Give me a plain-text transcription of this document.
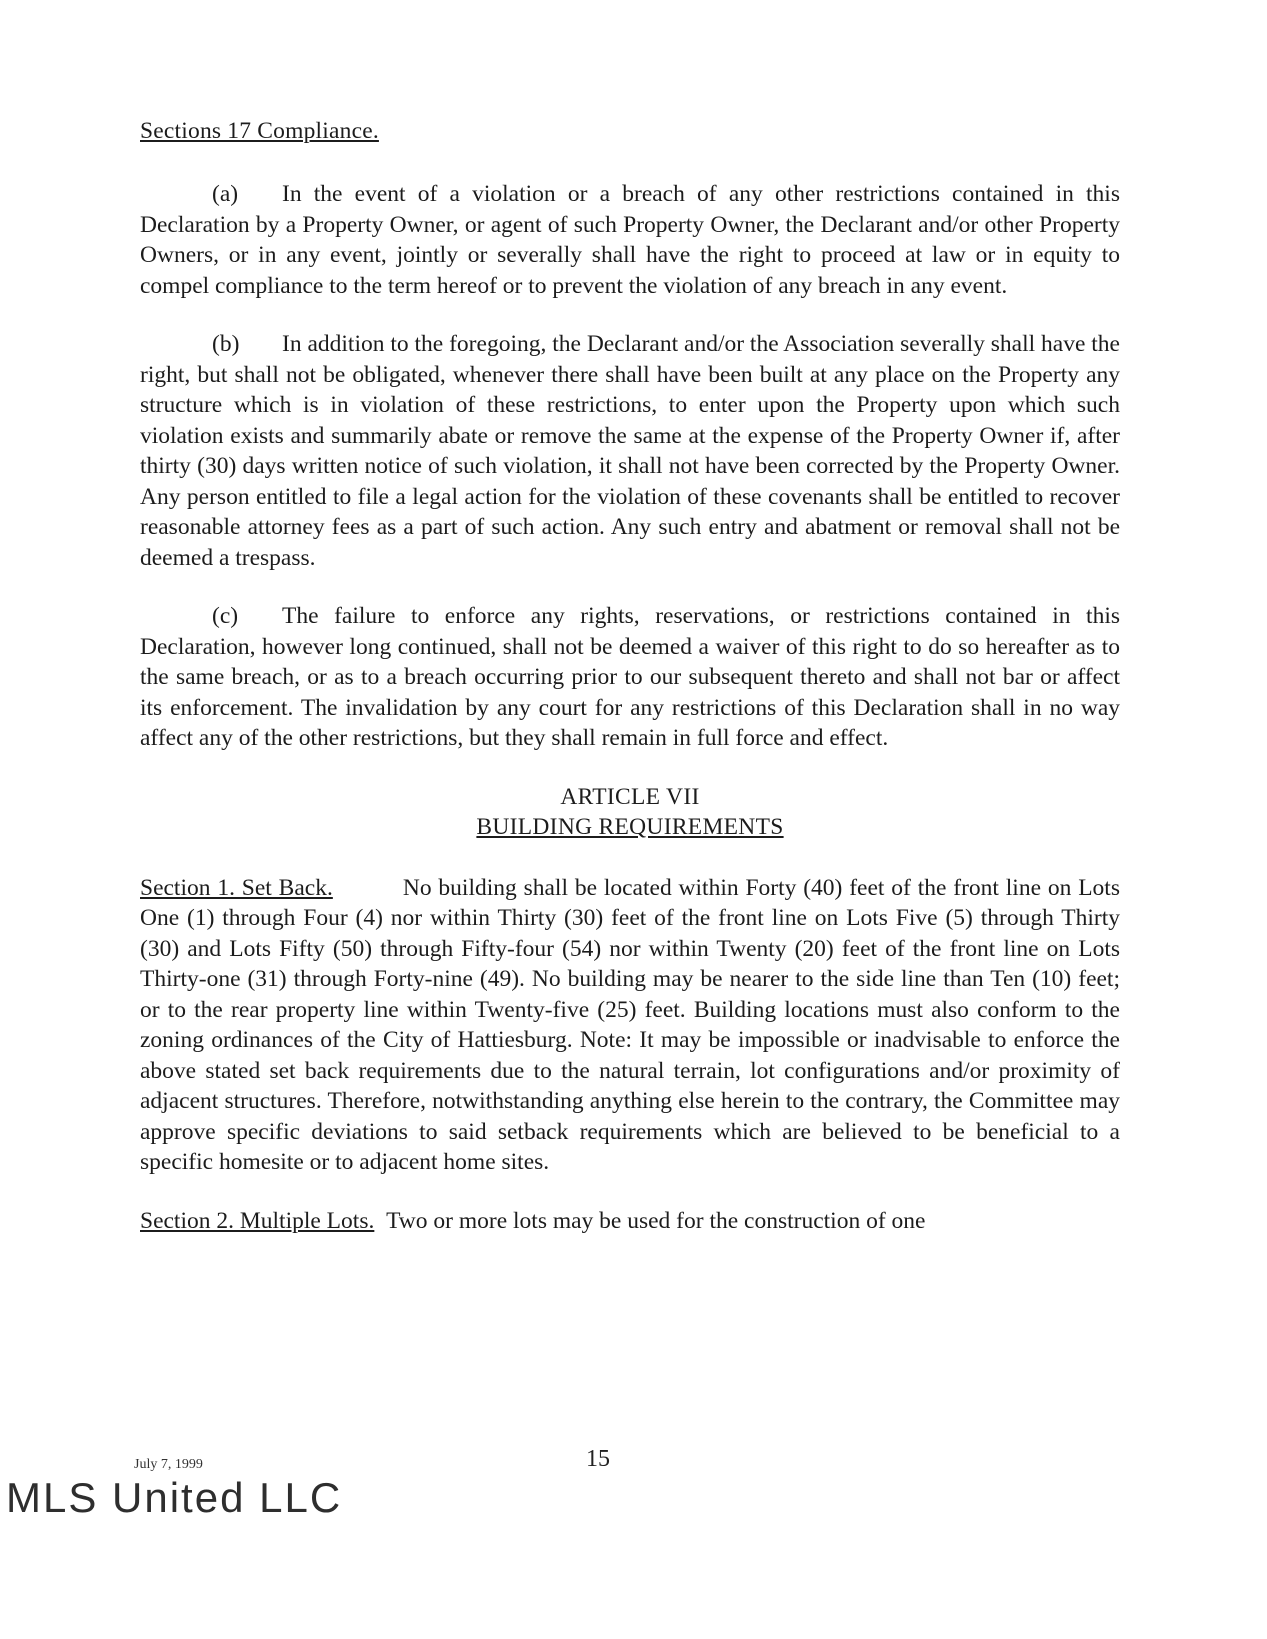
Sections 17 Compliance.

(a) In the event of a violation or a breach of any other restrictions contained in this Declaration by a Property Owner, or agent of such Property Owner, the Declarant and/or other Property Owners, or in any event, jointly or severally shall have the right to proceed at law or in equity to compel compliance to the term hereof or to prevent the violation of any breach in any event.

(b) In addition to the foregoing, the Declarant and/or the Association severally shall have the right, but shall not be obligated, whenever there shall have been built at any place on the Property any structure which is in violation of these restrictions, to enter upon the Property upon which such violation exists and summarily abate or remove the same at the expense of the Property Owner if, after thirty (30) days written notice of such violation, it shall not have been corrected by the Property Owner. Any person entitled to file a legal action for the violation of these covenants shall be entitled to recover reasonable attorney fees as a part of such action. Any such entry and abatment or removal shall not be deemed a trespass.

(c) The failure to enforce any rights, reservations, or restrictions contained in this Declaration, however long continued, shall not be deemed a waiver of this right to do so hereafter as to the same breach, or as to a breach occurring prior to our subsequent thereto and shall not bar or affect its enforcement. The invalidation by any court for any restrictions of this Declaration shall in no way affect any of the other restrictions, but they shall remain in full force and effect.

ARTICLE VII
BUILDING REQUIREMENTS

Section 1. Set Back.	No building shall be located within Forty (40) feet of the front line on Lots One (1) through Four (4) nor within Thirty (30) feet of the front line on Lots Five (5) through Thirty (30) and Lots Fifty (50) through Fifty-four (54) nor within Twenty (20) feet of the front line on Lots Thirty-one (31) through Forty-nine (49). No building may be nearer to the side line than Ten (10) feet; or to the rear property line within Twenty-five (25) feet. Building locations must also conform to the zoning ordinances of the City of Hattiesburg. Note: It may be impossible or inadvisable to enforce the above stated set back requirements due to the natural terrain, lot configurations and/or proximity of adjacent structures. Therefore, notwithstanding anything else herein to the contrary, the Committee may approve specific deviations to said setback requirements which are believed to be beneficial to a specific homesite or to adjacent home sites.

Section 2. Multiple Lots. Two or more lots may be used for the construction of one

July 7, 1999	15
MLS United LLC
